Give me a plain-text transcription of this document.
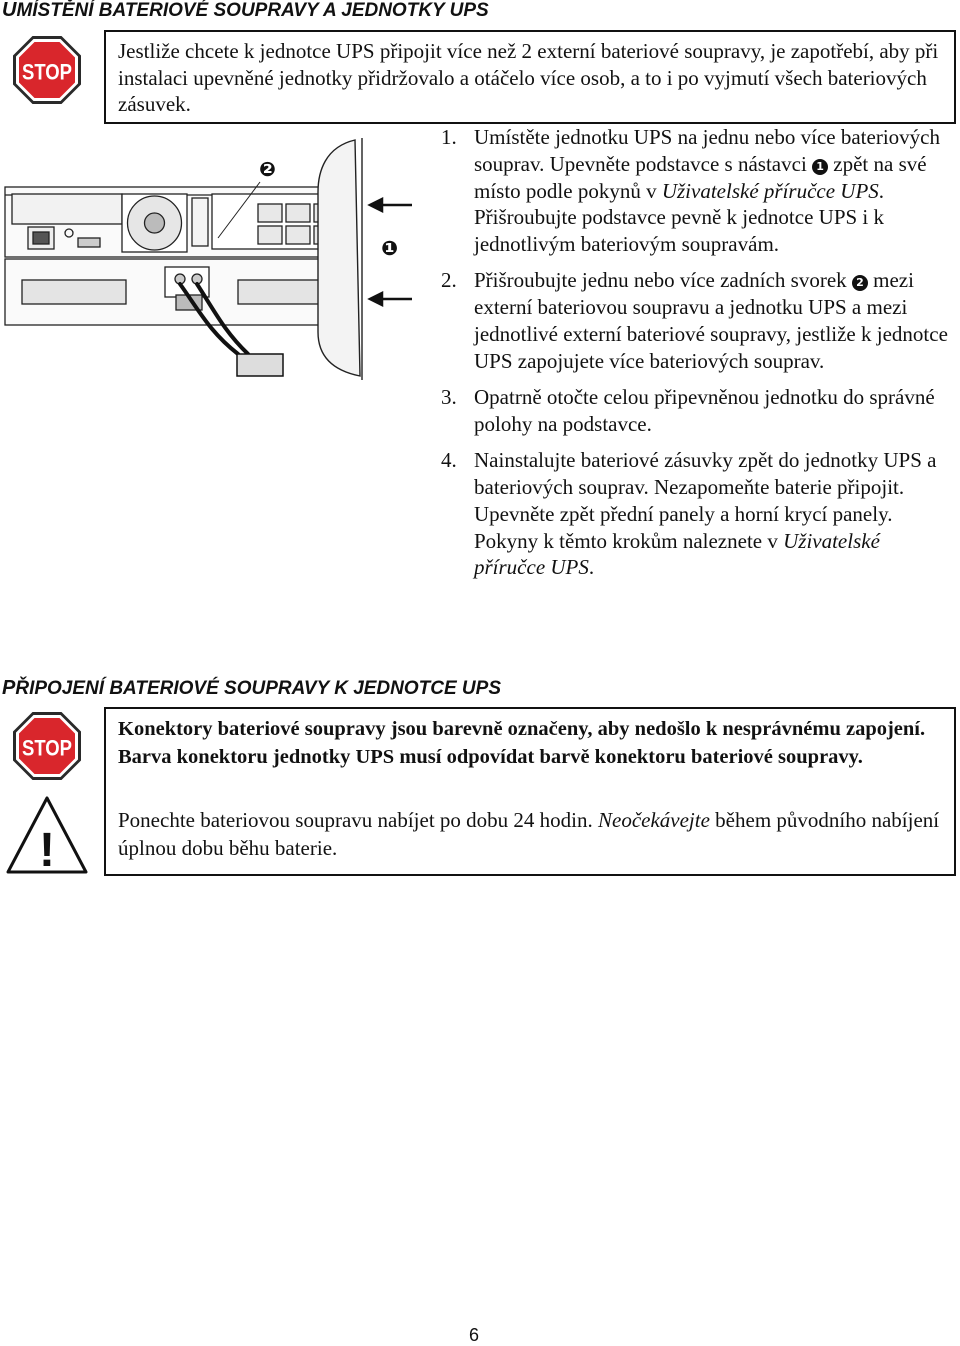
UMÍSTĚNÍ BATERIOVÉ SOUPRAVY A JEDNOTKY UPS
STOP

Jestliže chcete k jednotce UPS připojit více než 2 externí bateriové soupravy, je zapotřebí, aby při instalaci upevněné jednotky přidržovalo a otáčelo více osob, a to i po vyjmutí všech bateriových zásuvek.

❷
❶
1. Umístěte jednotku UPS na jednu nebo více bateriových souprav. Upevněte podstavce s nástavci 1 zpět na své místo podle pokynů v Uživatelské příručce UPS. Přišroubujte podstavce pevně k jednotce UPS i k jednotlivým bateriovým soupravám.
2. Přišroubujte jednu nebo více zadních svorek 2 mezi externí bateriovou soupravu a jednotku UPS a mezi jednotlivé externí bateriové soupravy, jestliže k jednotce UPS zapojujete více bateriových souprav.
3. Opatrně otočte celou připevněnou jednotku do správné polohy na podstavce.
4. Nainstalujte bateriové zásuvky zpět do jednotky UPS a bateriových souprav. Nezapomeňte baterie připojit. Upevněte zpět přední panely a horní krycí panely. Pokyny k těmto krokům naleznete v Uživatelské příručce UPS.
PŘIPOJENÍ BATERIOVÉ SOUPRAVY K JEDNOTCE UPS
STOP
!
Konektory bateriové soupravy jsou barevně označeny, aby nedošlo k nesprávnému zapojení. Barva konektoru jednotky UPS musí odpovídat barvě konektoru bateriové soupravy.
Ponechte bateriovou soupravu nabíjet po dobu 24 hodin. Neočekávejte během původního nabíjení úplnou dobu běhu baterie.
6
